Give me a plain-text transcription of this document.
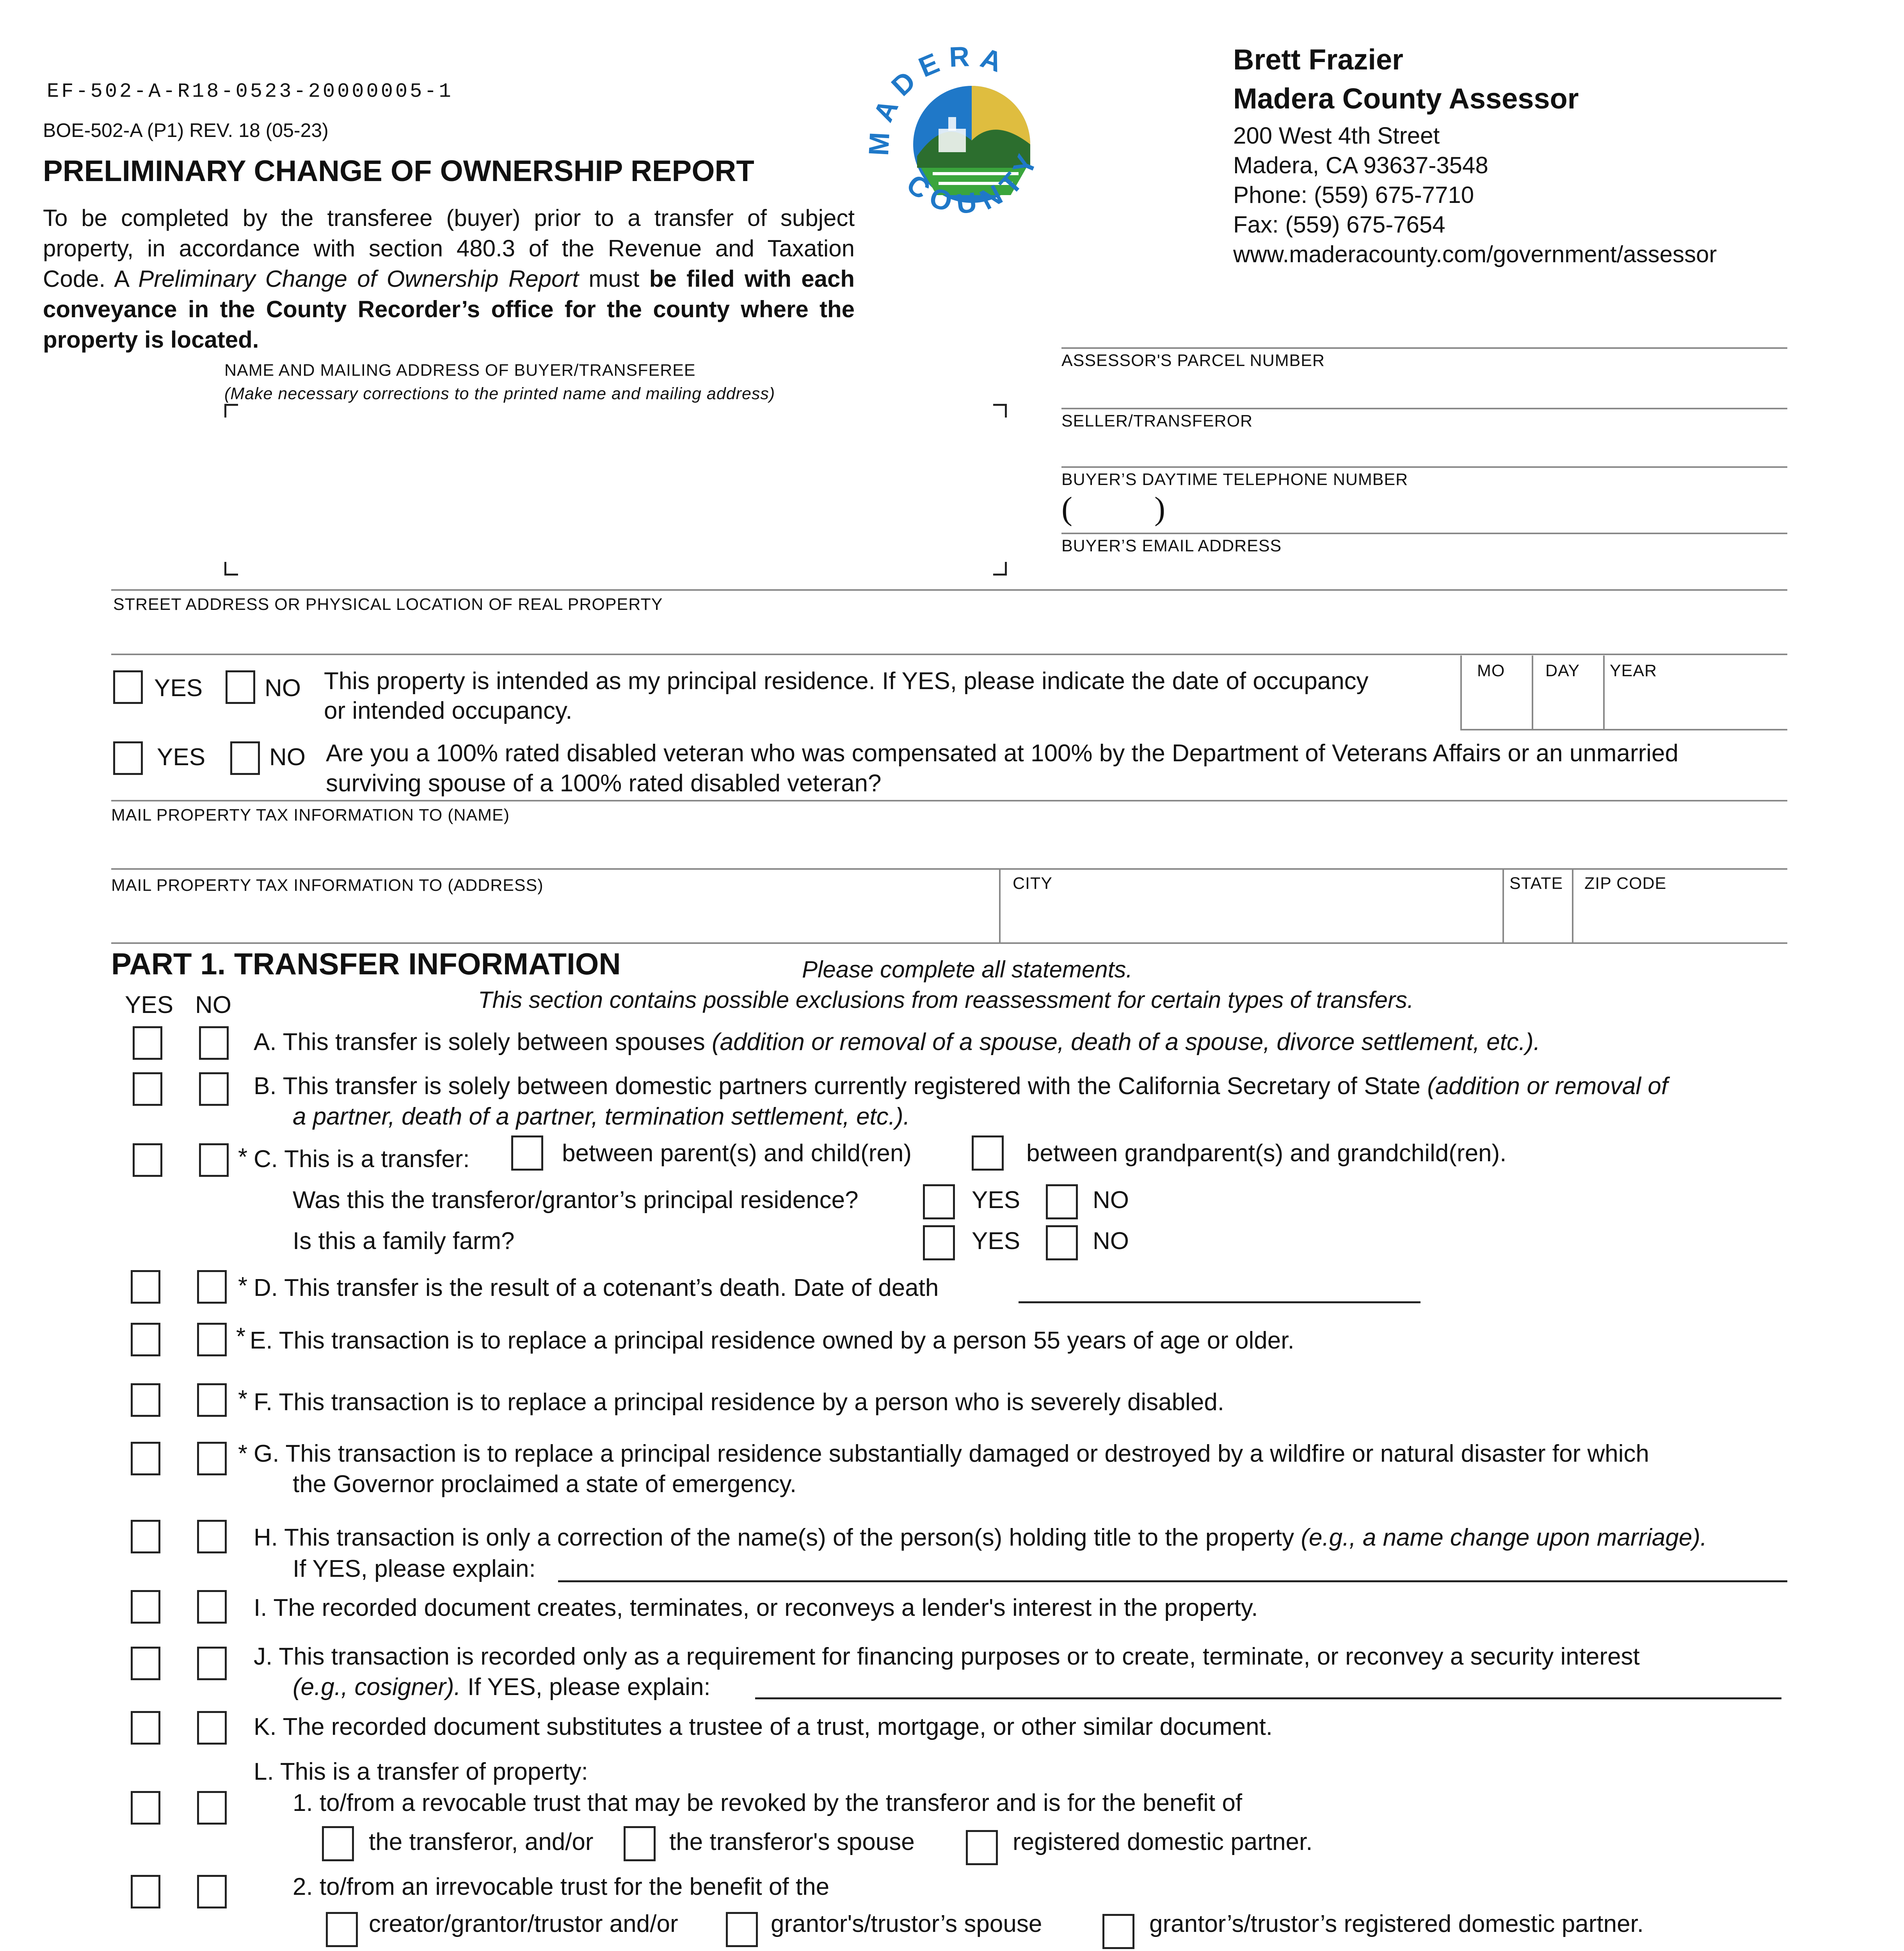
EF-502-A-R18-0523-20000005-1
BOE-502-A (P1) REV. 18 (05-23)
PRELIMINARY CHANGE OF OWNERSHIP REPORT
To be completed by the transferee (buyer) prior to a transfer of subject
property, in accordance with section 480.3 of the Revenue and Taxation
Code. A Preliminary Change of Ownership Report must be filed with each
conveyance in the County Recorder’s office for the county where the
property is located.
MADERA
COUNTY
Brett Frazier
Madera County Assessor
200 West 4th Street
Madera, CA 93637-3548
Phone: (559) 675-7710
Fax: (559) 675-7654
www.maderacounty.com/government/assessor
NAME AND MAILING ADDRESS OF BUYER/TRANSFEREE
(Make necessary corrections to the printed name and mailing address)
ASSESSOR'S PARCEL NUMBER
SELLER/TRANSFEROR
BUYER’S DAYTIME TELEPHONE NUMBER
(          )
BUYER’S EMAIL ADDRESS
STREET ADDRESS OR PHYSICAL LOCATION OF REAL PROPERTY
YES	NO This property is intended as my principal residence. If YES, please indicate the date of occupancy
or intended occupancy.
MO DAY YEAR
YES	NO Are you a 100% rated disabled veteran who was compensated at 100% by the Department of Veterans Affairs or an unmarried
surviving spouse of a 100% rated disabled veteran?
MAIL PROPERTY TAX INFORMATION TO (NAME)
MAIL PROPERTY TAX INFORMATION TO (ADDRESS)	CITY	STATE ZIP CODE
PART 1. TRANSFER INFORMATION	Please complete all statements.
This section contains possible exclusions from reassessment for certain types of transfers.
YES NO
A. This transfer is solely between spouses (addition or removal of a spouse, death of a spouse, divorce settlement, etc.).
B. This transfer is solely between domestic partners currently registered with the California Secretary of State (addition or removal of
a partner, death of a partner, termination settlement, etc.).
* C. This is a transfer:	between parent(s) and child(ren)	between grandparent(s) and grandchild(ren).
Was this the transferor/grantor’s principal residence?	YES	NO
Is this a family farm?	YES	NO
* D. This transfer is the result of a cotenant’s death. Date of death
* E. This transaction is to replace a principal residence owned by a person 55 years of age or older.
* F. This transaction is to replace a principal residence by a person who is severely disabled.
* G. This transaction is to replace a principal residence substantially damaged or destroyed by a wildfire or natural disaster for which
the Governor proclaimed a state of emergency.
H. This transaction is only a correction of the name(s) of the person(s) holding title to the property (e.g., a name change upon marriage).
If YES, please explain:
I. The recorded document creates, terminates, or reconveys a lender's interest in the property.
J. This transaction is recorded only as a requirement for financing purposes or to create, terminate, or reconvey a security interest
(e.g., cosigner). If YES, please explain:
K. The recorded document substitutes a trustee of a trust, mortgage, or other similar document.
L. This is a transfer of property:
1. to/from a revocable trust that may be revoked by the transferor and is for the benefit of
the transferor, and/or	the transferor's spouse	registered domestic partner.
2. to/from an irrevocable trust for the benefit of the
creator/grantor/trustor and/or	grantor's/trustor’s spouse	grantor’s/trustor’s registered domestic partner.
